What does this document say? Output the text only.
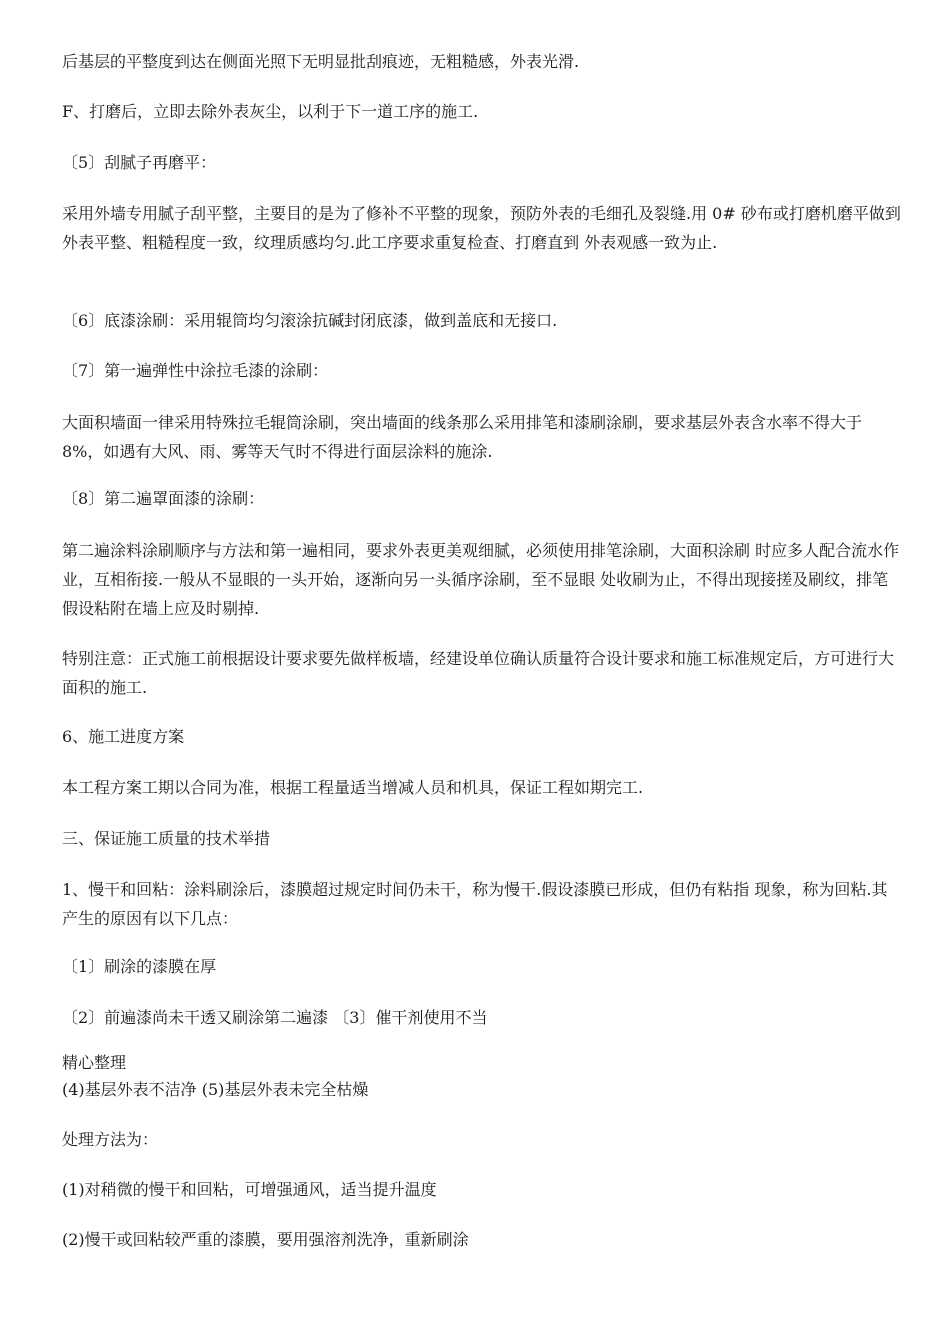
后基层的平整度到达在侧面光照下无明显批刮痕迹，无粗糙感，外表光滑.
F、打磨后，立即去除外表灰尘，以利于下一道工序的施工.
〔5〕刮腻子再磨平：
采用外墙专用腻子刮平整，主要目的是为了修补不平整的现象，预防外表的毛细孔及裂缝.用 0# 砂布或打磨机磨平做到外表平整、粗糙程度一致，纹理质感均匀.此工序要求重复检查、打磨直到 外表观感一致为止.
〔6〕底漆涂刷：采用辊筒均匀滚涂抗碱封闭底漆，做到盖底和无接口.
〔7〕第一遍弹性中涂拉毛漆的涂刷：
大面积墙面一律采用特殊拉毛辊筒涂刷，突出墙面的线条那么采用排笔和漆刷涂刷，要求基层外表含水率不得大于 8%，如遇有大风、雨、雾等天气时不得进行面层涂料的施涂.
〔8〕第二遍罩面漆的涂刷：
第二遍涂料涂刷顺序与方法和第一遍相同，要求外表更美观细腻，必须使用排笔涂刷，大面积涂刷 时应多人配合流水作业，互相衔接.一般从不显眼的一头开始，逐渐向另一头循序涂刷，至不显眼 处收刷为止，不得出现接搓及刷纹，排笔假设粘附在墙上应及时剔掉.
特别注意：正式施工前根据设计要求要先做样板墙，经建设单位确认质量符合设计要求和施工标准规定后，方可进行大面积的施工.
6、施工进度方案
本工程方案工期以合同为准，根据工程量适当增减人员和机具，保证工程如期完工.
三、保证施工质量的技术举措
1、慢干和回粘：涂料刷涂后，漆膜超过规定时间仍未干，称为慢干.假设漆膜已形成，但仍有粘指 现象，称为回粘.其产生的原因有以下几点：
〔1〕刷涂的漆膜在厚
〔2〕前遍漆尚未干透又刷涂第二遍漆 〔3〕催干剂使用不当
精心整理
(4)基层外表不洁净 (5)基层外表未完全枯燥
处理方法为：
(1)对稍微的慢干和回粘，可增强通风，适当提升温度
(2)慢干或回粘较严重的漆膜，要用强溶剂洗净，重新刷涂
